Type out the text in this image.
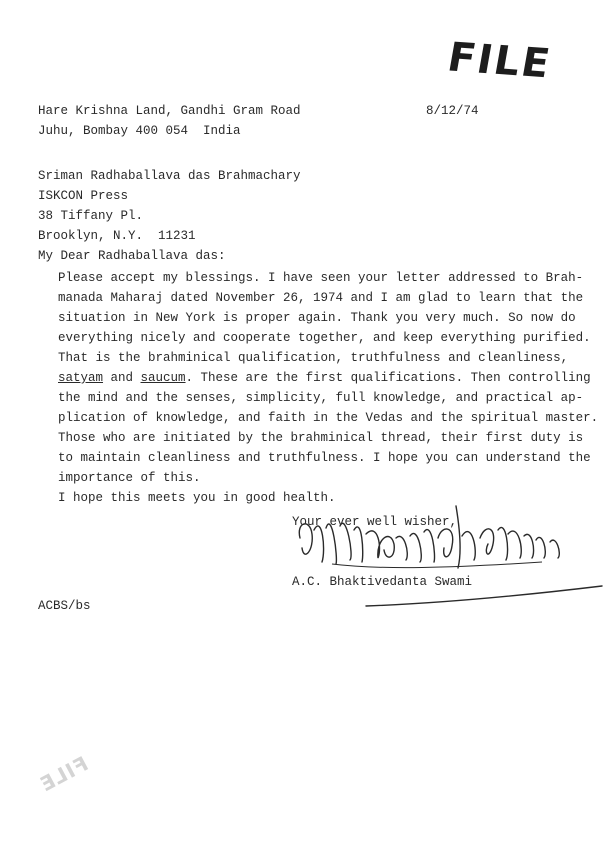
FILE
Hare Krishna Land, Gandhi Gram Road
Juhu, Bombay 400 054  India
8/12/74
Sriman Radhaballava das Brahmachary
ISKCON Press
38 Tiffany Pl.
Brooklyn, N.Y.  11231
My Dear Radhaballava das:
Please accept my blessings. I have seen your letter addressed to Brah-
manada Maharaj dated November 26, 1974 and I am glad to learn that the
situation in New York is proper again. Thank you very much. So now do
everything nicely and cooperate together, and keep everything purified.
That is the brahminical qualification, truthfulness and cleanliness,
satyam and saucum. These are the first qualifications. Then controlling
the mind and the senses, simplicity, full knowledge, and practical ap-
plication of knowledge, and faith in the Vedas and the spiritual master.
Those who are initiated by the brahminical thread, their first duty is
to maintain cleanliness and truthfulness. I hope you can understand the
importance of this.
I hope this meets you in good health.
Your ever well wisher,
A.C. Bhaktivedanta Swami
ACBS/bs
FILE
